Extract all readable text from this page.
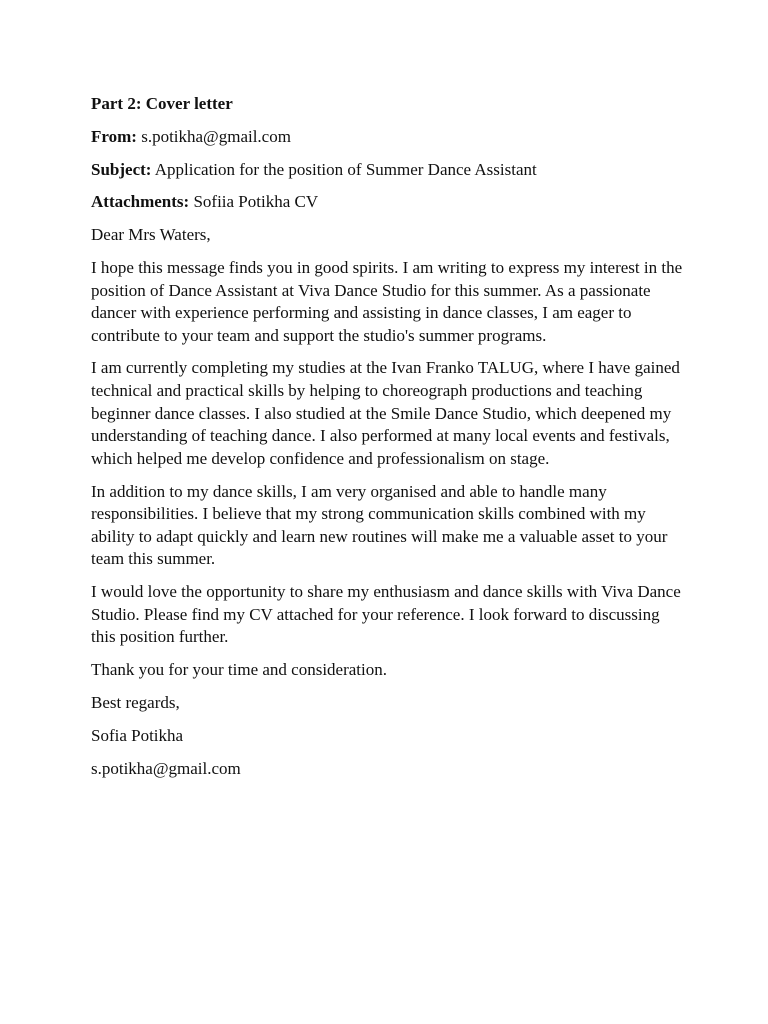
Part 2: Cover letter

From: s.potikha@gmail.com

Subject: Application for the position of Summer Dance Assistant

Attachments: Sofiia Potikha CV

Dear Mrs Waters,

I hope this message finds you in good spirits. I am writing to express my interest in the position of Dance Assistant at Viva Dance Studio for this summer. As a passionate dancer with experience performing and assisting in dance classes, I am eager to contribute to your team and support the studio's summer programs.

I am currently completing my studies at the Ivan Franko TALUG, where I have gained technical and practical skills by helping to choreograph productions and teaching beginner dance classes. I also studied at the Smile Dance Studio, which deepened my understanding of teaching dance. I also performed at many local events and festivals, which helped me develop confidence and professionalism on stage.

In addition to my dance skills, I am very organised and able to handle many responsibilities. I believe that my strong communication skills combined with my ability to adapt quickly and learn new routines will make me a valuable asset to your team this summer.

I would love the opportunity to share my enthusiasm and dance skills with Viva Dance Studio. Please find my CV attached for your reference. I look forward to discussing this position further.

Thank you for your time and consideration.

Best regards,

Sofia Potikha

s.potikha@gmail.com
